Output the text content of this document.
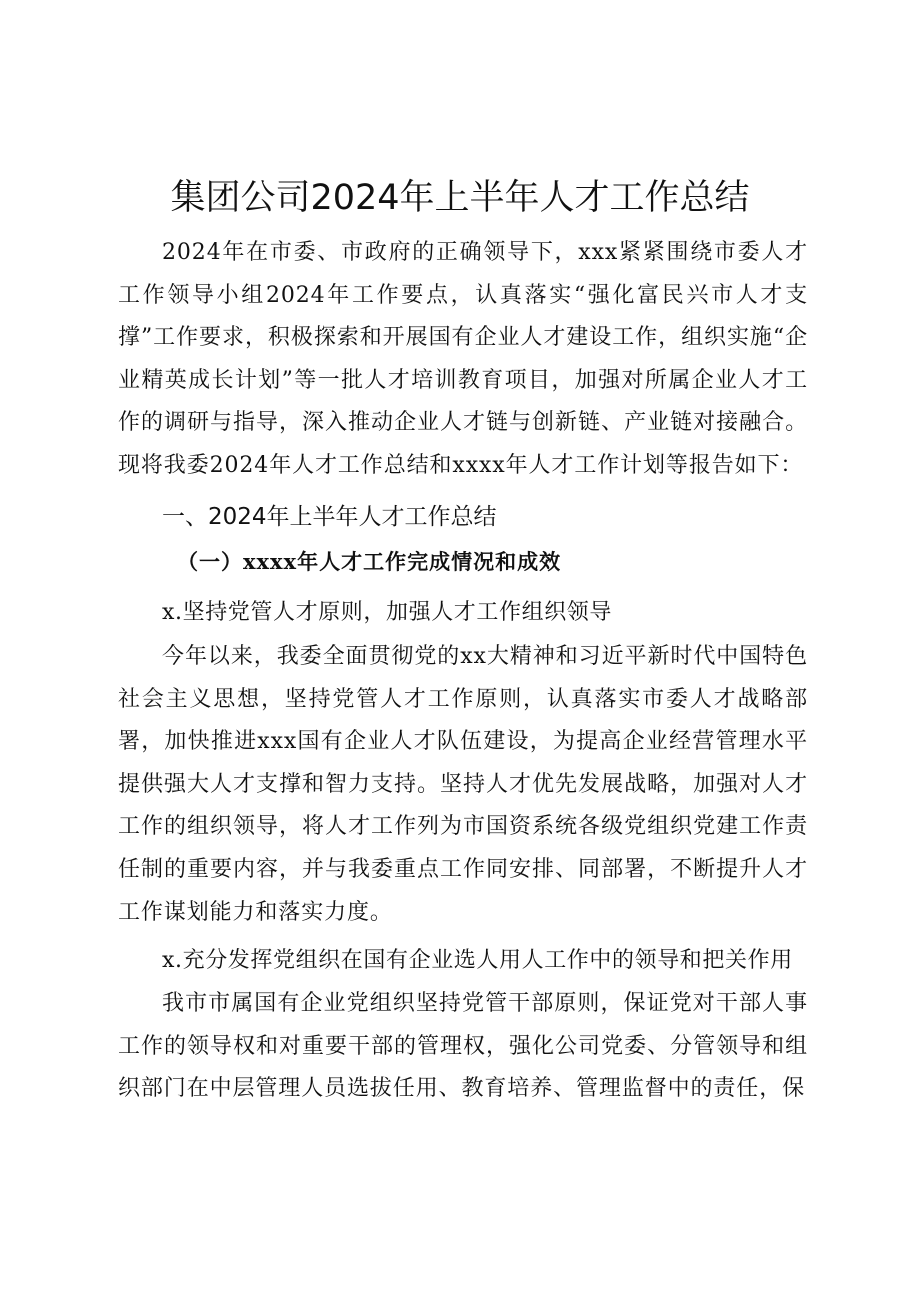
集团公司2024年上半年人才工作总结

2024年在市委、市政府的正确领导下，xxx紧紧围绕市委人才工作领导小组2024年工作要点，认真落实“强化富民兴市人才支撑”工作要求，积极探索和开展国有企业人才建设工作，组织实施“企业精英成长计划”等一批人才培训教育项目，加强对所属企业人才工作的调研与指导，深入推动企业人才链与创新链、产业链对接融合。现将我委2024年人才工作总结和xxxx年人才工作计划等报告如下：

一、2024年上半年人才工作总结
（一）xxxx年人才工作完成情况和成效
x.坚持党管人才原则，加强人才工作组织领导

今年以来，我委全面贯彻党的xx大精神和习近平新时代中国特色社会主义思想，坚持党管人才工作原则，认真落实市委人才战略部署，加快推进xxx国有企业人才队伍建设，为提高企业经营管理水平提供强大人才支撑和智力支持。坚持人才优先发展战略，加强对人才工作的组织领导，将人才工作列为市国资系统各级党组织党建工作责任制的重要内容，并与我委重点工作同安排、同部署，不断提升人才工作谋划能力和落实力度。

x.充分发挥党组织在国有企业选人用人工作中的领导和把关作用

我市市属国有企业党组织坚持党管干部原则，保证党对干部人事工作的领导权和对重要干部的管理权，强化公司党委、分管领导和组织部门在中层管理人员选拔任用、教育培养、管理监督中的责任，保
